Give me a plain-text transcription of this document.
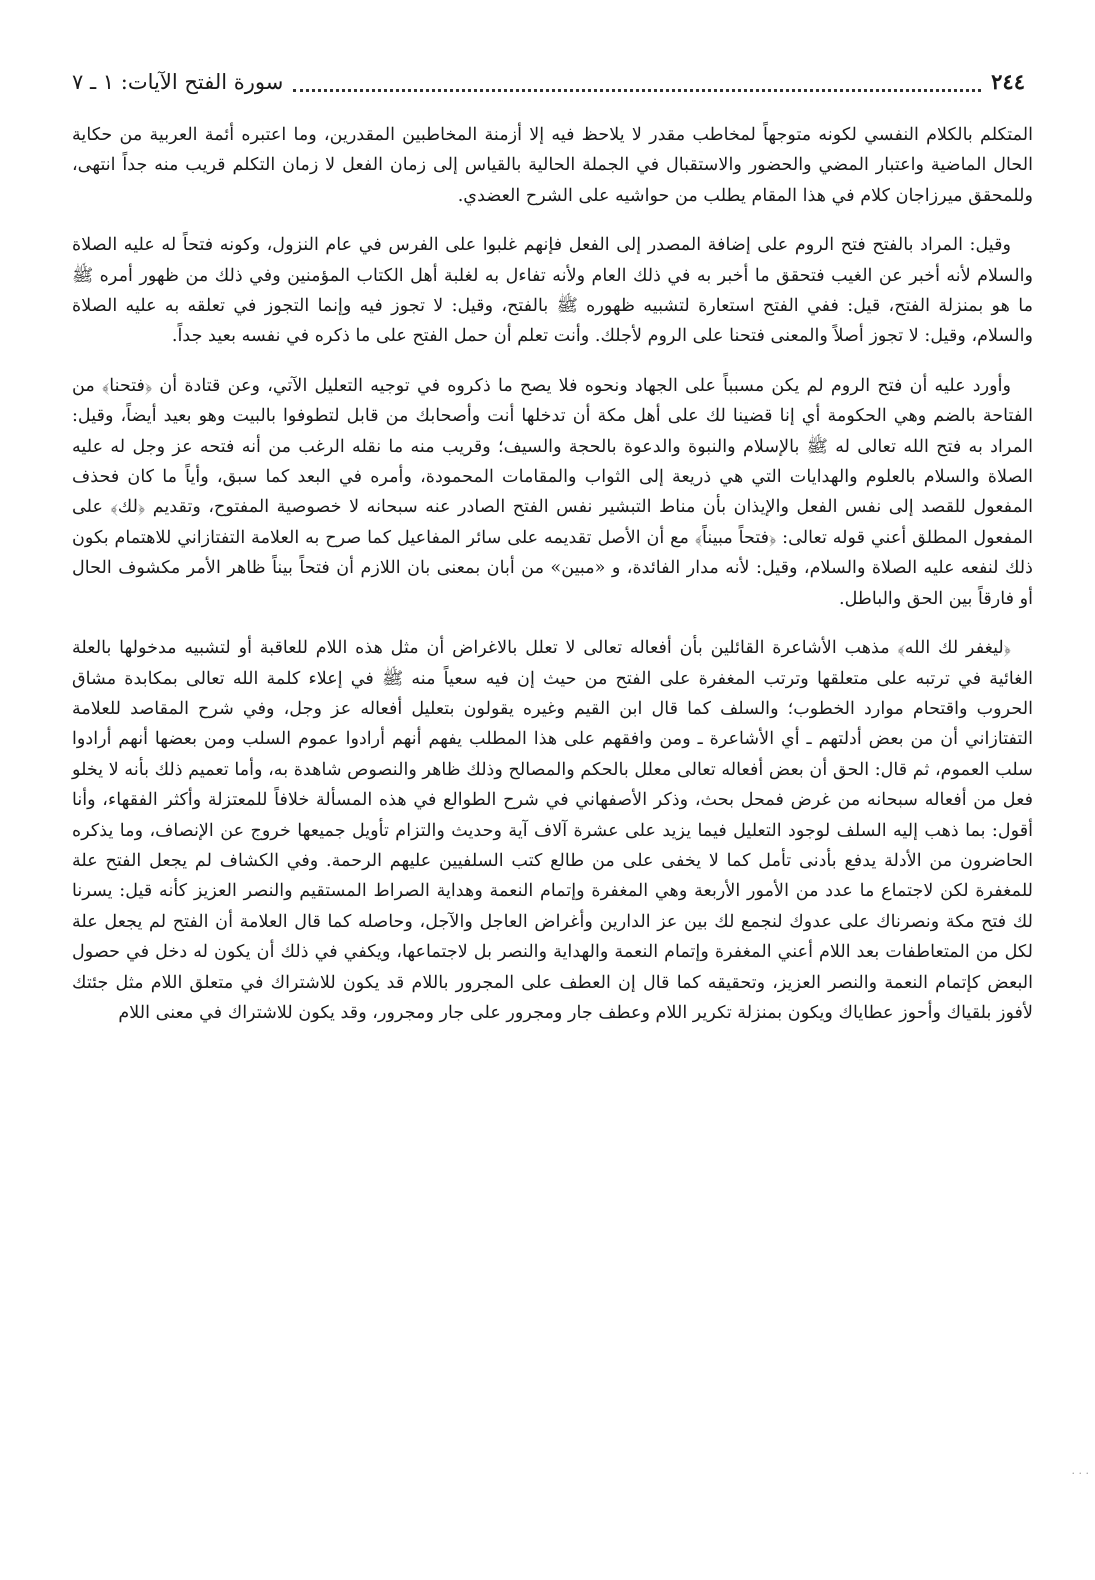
٢٤٤
سورة الفتح الآيات: ١ ـ ٧

المتكلم بالكلام النفسي لكونه متوجهاً لمخاطب مقدر لا يلاحظ فيه إلا أزمنة المخاطبين المقدرين، وما اعتبره أئمة العربية من حكاية الحال الماضية واعتبار المضي والحضور والاستقبال في الجملة الحالية بالقياس إلى زمان الفعل لا زمان التكلم قريب منه جداً انتهى، وللمحقق ميرزاجان كلام في هذا المقام يطلب من حواشيه على الشرح العضدي.

وقيل: المراد بالفتح فتح الروم على إضافة المصدر إلى الفعل فإنهم غلبوا على الفرس في عام النزول، وكونه فتحاً له عليه الصلاة والسلام لأنه أخبر عن الغيب فتحقق ما أخبر به في ذلك العام ولأنه تفاءل به لغلبة أهل الكتاب المؤمنين وفي ذلك من ظهور أمره ﷺ ما هو بمنزلة الفتح، قيل: ففي الفتح استعارة لتشبيه ظهوره ﷺ بالفتح، وقيل: لا تجوز فيه وإنما التجوز في تعلقه به عليه الصلاة والسلام، وقيل: لا تجوز أصلاً والمعنى فتحنا على الروم لأجلك. وأنت تعلم أن حمل الفتح على ما ذكره في نفسه بعيد جداً.

وأورد عليه أن فتح الروم لم يكن مسبباً على الجهاد ونحوه فلا يصح ما ذكروه في توجيه التعليل الآتي، وعن قتادة أن ﴿فتحنا﴾ من الفتاحة بالضم وهي الحكومة أي إنا قضينا لك على أهل مكة أن تدخلها أنت وأصحابك من قابل لتطوفوا بالبيت وهو بعيد أيضاً، وقيل: المراد به فتح الله تعالى له ﷺ بالإسلام والنبوة والدعوة بالحجة والسيف؛ وقريب منه ما نقله الرغب من أنه فتحه عز وجل له عليه الصلاة والسلام بالعلوم والهدايات التي هي ذريعة إلى الثواب والمقامات المحمودة، وأمره في البعد كما سبق، وأياً ما كان فحذف المفعول للقصد إلى نفس الفعل والإيذان بأن مناط التبشير نفس الفتح الصادر عنه سبحانه لا خصوصية المفتوح، وتقديم ﴿لك﴾ على المفعول المطلق أعني قوله تعالى: ﴿فتحاً مبيناً﴾ مع أن الأصل تقديمه على سائر المفاعيل كما صرح به العلامة التفتازاني للاهتمام بكون ذلك لنفعه عليه الصلاة والسلام، وقيل: لأنه مدار الفائدة، و «مبين» من أبان بمعنى بان اللازم أن فتحاً بيناً ظاهر الأمر مكشوف الحال أو فارقاً بين الحق والباطل.

﴿ليغفر لك الله﴾ مذهب الأشاعرة القائلين بأن أفعاله تعالى لا تعلل بالاغراض أن مثل هذه اللام للعاقبة أو لتشبيه مدخولها بالعلة الغائية في ترتبه على متعلقها وترتب المغفرة على الفتح من حيث إن فيه سعياً منه ﷺ في إعلاء كلمة الله تعالى بمكابدة مشاق الحروب واقتحام موارد الخطوب؛ والسلف كما قال ابن القيم وغيره يقولون بتعليل أفعاله عز وجل، وفي شرح المقاصد للعلامة التفتازاني أن من بعض أدلتهم ـ أي الأشاعرة ـ ومن وافقهم على هذا المطلب يفهم أنهم أرادوا عموم السلب ومن بعضها أنهم أرادوا سلب العموم، ثم قال: الحق أن بعض أفعاله تعالى معلل بالحكم والمصالح وذلك ظاهر والنصوص شاهدة به، وأما تعميم ذلك بأنه لا يخلو فعل من أفعاله سبحانه من غرض فمحل بحث، وذكر الأصفهاني في شرح الطوالع في هذه المسألة خلافاً للمعتزلة وأكثر الفقهاء، وأنا أقول: بما ذهب إليه السلف لوجود التعليل فيما يزيد على عشرة آلاف آية وحديث والتزام تأويل جميعها خروج عن الإنصاف، وما يذكره الحاضرون من الأدلة يدفع بأدنى تأمل كما لا يخفى على من طالع كتب السلفيين عليهم الرحمة. وفي الكشاف لم يجعل الفتح علة للمغفرة لكن لاجتماع ما عدد من الأمور الأربعة وهي المغفرة وإتمام النعمة وهداية الصراط المستقيم والنصر العزيز كأنه قيل: يسرنا لك فتح مكة ونصرناك على عدوك لنجمع لك بين عز الدارين وأغراض العاجل والآجل، وحاصله كما قال العلامة أن الفتح لم يجعل علة لكل من المتعاطفات بعد اللام أعني المغفرة وإتمام النعمة والهداية والنصر بل لاجتماعها، ويكفي في ذلك أن يكون له دخل في حصول البعض كإتمام النعمة والنصر العزيز، وتحقيقه كما قال إن العطف على المجرور باللام قد يكون للاشتراك في متعلق اللام مثل جئتك لأفوز بلقياك وأحوز عطاياك ويكون بمنزلة تكرير اللام وعطف جار ومجرور على جار ومجرور، وقد يكون للاشتراك في معنى اللام

· · ·
